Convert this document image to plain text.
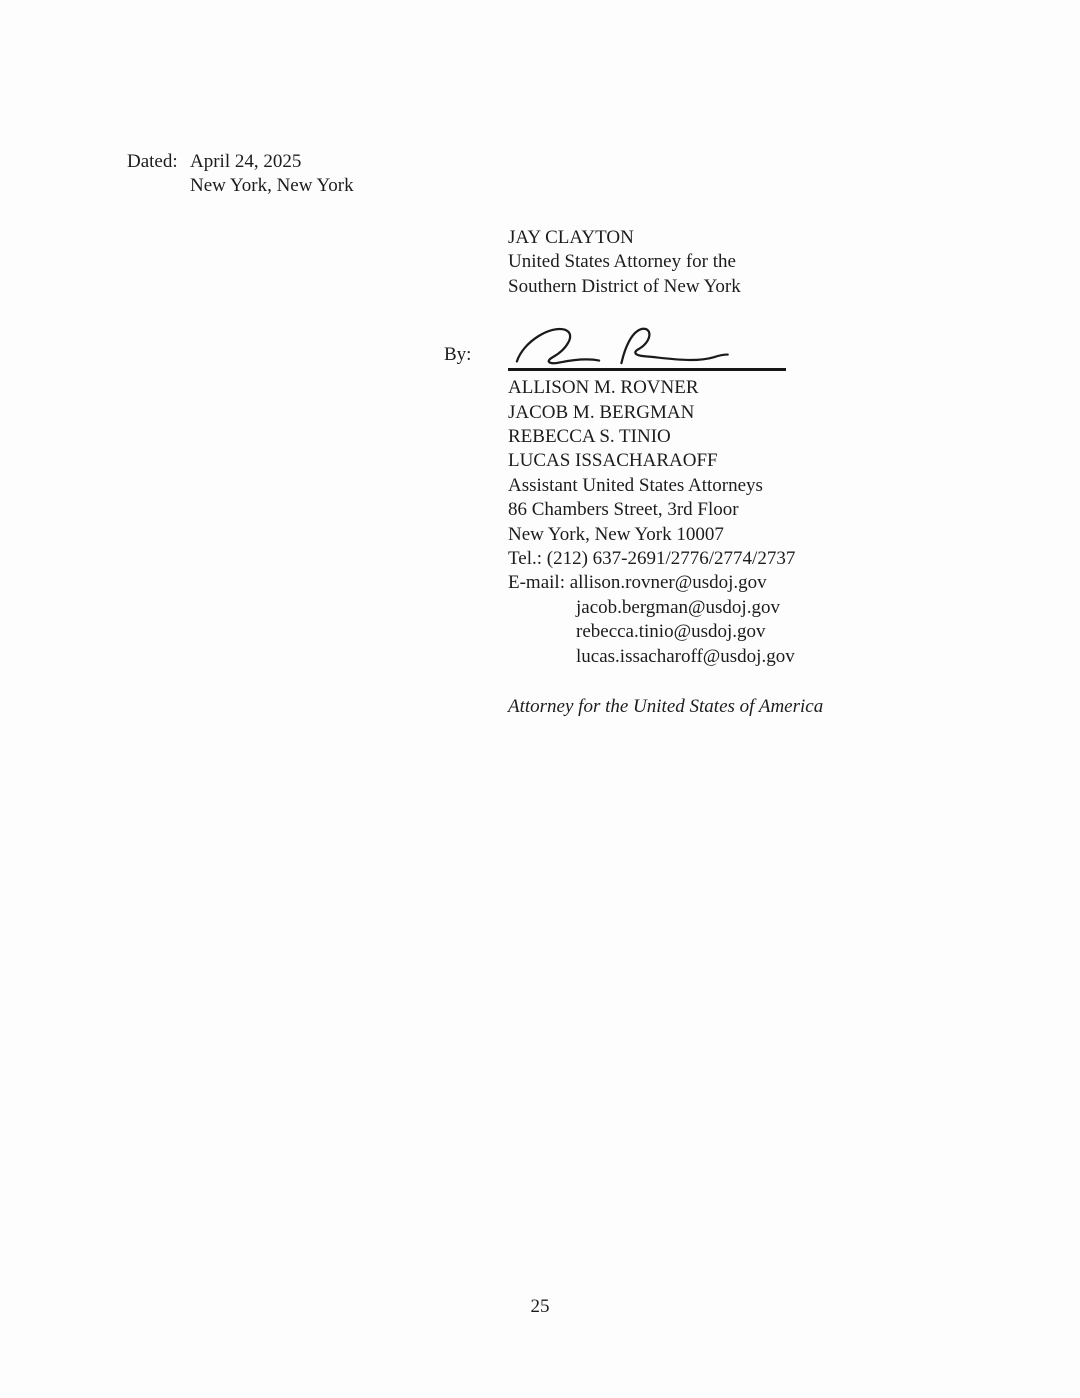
Dated: April 24, 2025
New York, New York
JAY CLAYTON
United States Attorney for the
Southern District of New York
By:
ALLISON M. ROVNER
JACOB M. BERGMAN
REBECCA S. TINIO
LUCAS ISSACHARAOFF
Assistant United States Attorneys
86 Chambers Street, 3rd Floor
New York, New York 10007
Tel.: (212) 637-2691/2776/2774/2737
E-mail: allison.rovner@usdoj.gov
jacob.bergman@usdoj.gov
rebecca.tinio@usdoj.gov
lucas.issacharoff@usdoj.gov
Attorney for the United States of America
25
